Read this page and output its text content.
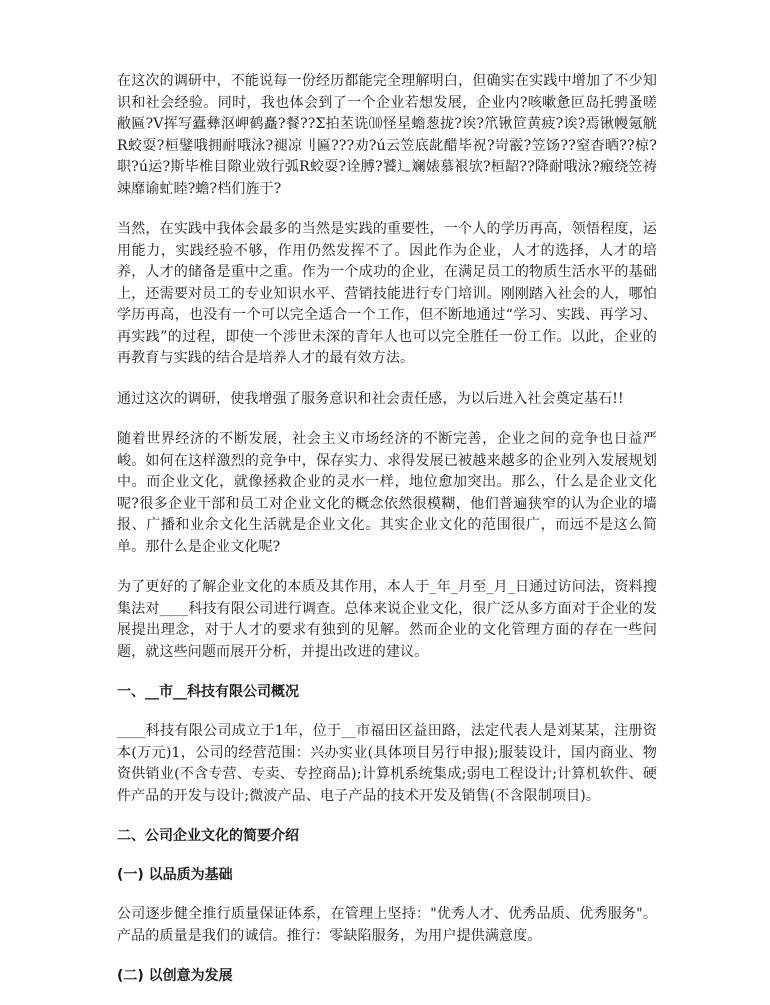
在这次的调研中，不能说每一份经历都能完全理解明白，但确实在实践中增加了不少知识和社会经验。同时，我也体会到了一个企业若想发展，企业内?咳嗽惫叵岛托骋蚤嗟敝匾?V挥写蠹彝沤岬鹤矗?餐??Σ拍苤诜⑽怪星蟾葱拢?诶?笊锹笸黄疲?诶?焉锹幔氪觥R蛟耍?桓鐾哦拥耐哦泳?褪凉刂匾???劝?ú云笠底龀醋毕祝?岢霰?笠饧??窒杳晒??椋?职?ú运?斯毕椎目隙业敚行弧R蛟耍?诠膊?饕辶斓婊慕裉欤?桓龆??降耐哦泳?瘢绕笠祷竦靡谕虻睦?蟾?档们旌于?

当然，在实践中我体会最多的当然是实践的重要性，一个人的学历再高，领悟程度，运用能力，实践经验不够，作用仍然发挥不了。因此作为企业，人才的选择，人才的培养，人才的储备是重中之重。作为一个成功的企业，在满足员工的物质生活水平的基础上，还需要对员工的专业知识水平、营销技能进行专门培训。刚刚踏入社会的人，哪怕学历再高，也没有一个可以完全适合一个工作，但不断地通过“学习、实践、再学习、再实践”的过程，即使一个涉世未深的青年人也可以完全胜任一份工作。以此，企业的再教育与实践的结合是培养人才的最有效方法。

通过这次的调研，使我增强了服务意识和社会责任感，为以后进入社会奠定基石!!

随着世界经济的不断发展，社会主义市场经济的不断完善，企业之间的竞争也日益严峻。如何在这样激烈的竞争中，保存实力、求得发展已被越来越多的企业列入发展规划中。而企业文化，就像拯救企业的灵水一样，地位愈加突出。那么，什么是企业文化呢?很多企业干部和员工对企业文化的概念依然很模糊，他们普遍狭窄的认为企业的墙报、广播和业余文化生活就是企业文化。其实企业文化的范围很广，而远不是这么简单。那什么是企业文化呢?

为了更好的了解企业文化的本质及其作用，本人于_年_月至_月_日通过访问法，资料搜集法对____科技有限公司进行调查。总体来说企业文化，很广泛从多方面对于企业的发展提出理念，对于人才的要求有独到的见解。然而企业的文化管理方面的存在一些问题，就这些问题而展开分析，并提出改进的建议。

一、__市__科技有限公司概况

____科技有限公司成立于1年，位于__市福田区益田路，法定代表人是刘某某，注册资本(万元)1，公司的经营范围：兴办实业(具体项目另行申报);服装设计，国内商业、物资供销业(不含专营、专卖、专控商品);计算机系统集成;弱电工程设计;计算机软件、硬件产品的开发与设计;微波产品、电子产品的技术开发及销售(不含限制项目)。

二、公司企业文化的简要介绍
(一) 以品质为基础

公司逐步健全推行质量保证体系，在管理上坚持："优秀人才、优秀品质、优秀服务"。产品的质量是我们的诚信。推行：零缺陷服务，为用户提供满意度。

(二) 以创意为发展
